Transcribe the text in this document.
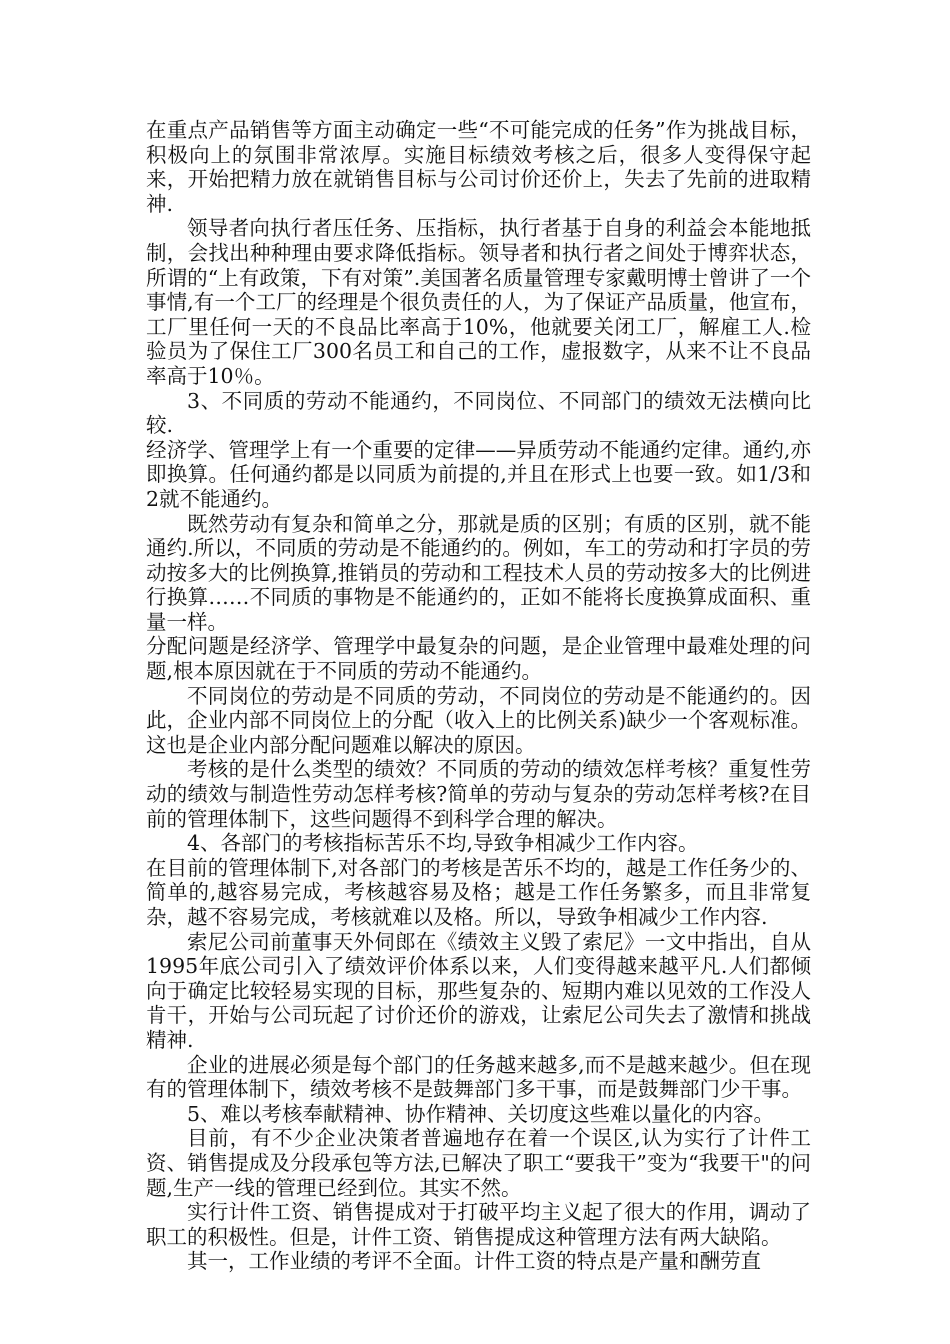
在重点产品销售等方面主动确定一些“不可能完成的任务”作为挑战目标，积极向上的氛围非常浓厚。实施目标绩效考核之后，很多人变得保守起来，开始把精力放在就销售目标与公司讨价还价上，失去了先前的进取精神.

领导者向执行者压任务、压指标，执行者基于自身的利益会本能地抵制，会找出种种理由要求降低指标。领导者和执行者之间处于博弈状态，所谓的“上有政策，下有对策”.美国著名质量管理专家戴明博士曾讲了一个事情,有一个工厂的经理是个很负责任的人，为了保证产品质量，他宣布，工厂里任何一天的不良品比率高于10%，他就要关闭工厂，解雇工人.检验员为了保住工厂300名员工和自己的工作，虚报数字，从来不让不良品率高于10％。

3、不同质的劳动不能通约，不同岗位、不同部门的绩效无法横向比较.

经济学、管理学上有一个重要的定律——异质劳动不能通约定律。通约,亦即换算。任何通约都是以同质为前提的,并且在形式上也要一致。如1/3和 2就不能通约。

既然劳动有复杂和简单之分，那就是质的区别；有质的区别，就不能通约.所以，不同质的劳动是不能通约的。例如，车工的劳动和打字员的劳动按多大的比例换算,推销员的劳动和工程技术人员的劳动按多大的比例进行换算……不同质的事物是不能通约的，正如不能将长度换算成面积、重量一样。

分配问题是经济学、管理学中最复杂的问题，是企业管理中最难处理的问题,根本原因就在于不同质的劳动不能通约。

不同岗位的劳动是不同质的劳动，不同岗位的劳动是不能通约的。因此，企业内部不同岗位上的分配（收入上的比例关系)缺少一个客观标准。这也是企业内部分配问题难以解决的原因。

考核的是什么类型的绩效？不同质的劳动的绩效怎样考核？重复性劳动的绩效与制造性劳动怎样考核?简单的劳动与复杂的劳动怎样考核?在目前的管理体制下，这些问题得不到科学合理的解决。

4、各部门的考核指标苦乐不均,导致争相减少工作内容。

在目前的管理体制下,对各部门的考核是苦乐不均的，越是工作任务少的、简单的,越容易完成，考核越容易及格；越是工作任务繁多，而且非常复杂，越不容易完成，考核就难以及格。所以，导致争相减少工作内容.

索尼公司前董事天外伺郎在《绩效主义毁了索尼》一文中指出，自从1995年底公司引入了绩效评价体系以来，人们变得越来越平凡.人们都倾向于确定比较轻易实现的目标，那些复杂的、短期内难以见效的工作没人肯干，开始与公司玩起了讨价还价的游戏，让索尼公司失去了激情和挑战精神.

企业的进展必须是每个部门的任务越来越多,而不是越来越少。但在现有的管理体制下，绩效考核不是鼓舞部门多干事，而是鼓舞部门少干事。

5、难以考核奉献精神、协作精神、关切度这些难以量化的内容。

目前，有不少企业决策者普遍地存在着一个误区,认为实行了计件工资、销售提成及分段承包等方法,已解决了职工“要我干”变为“我要干"的问题,生产一线的管理已经到位。其实不然。

实行计件工资、销售提成对于打破平均主义起了很大的作用，调动了职工的积极性。但是，计件工资、销售提成这种管理方法有两大缺陷。

其一，工作业绩的考评不全面。计件工资的特点是产量和酬劳直
